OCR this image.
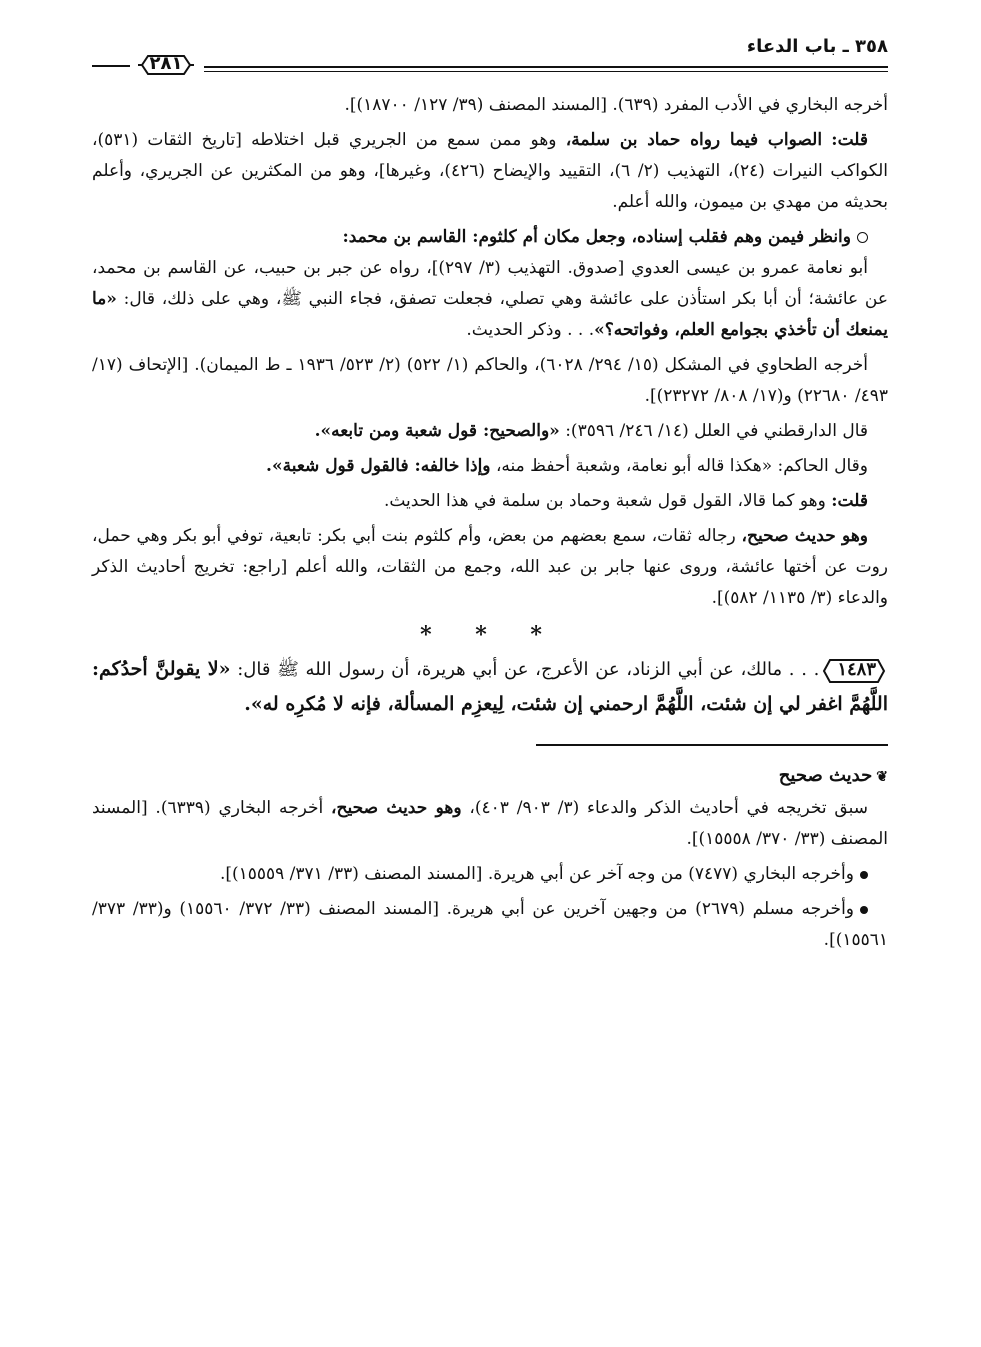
٣٥٨ ـ باب الدعاء
٢٨١

أخرجه البخاري في الأدب المفرد (٦٣٩). [المسند المصنف (٣٩/ ١٢٧/ ١٨٧٠٠)].

قلت: الصواب فيما رواه حماد بن سلمة، وهو ممن سمع من الجريري قبل اختلاطه [تاريخ الثقات (٥٣١)، الكواكب النيرات (٢٤)، التهذيب (٢/ ٦)، التقييد والإيضاح (٤٢٦)، وغيرها]، وهو من المكثرين عن الجريري، وأعلم بحديثه من مهدي بن ميمون، والله أعلم.

وانظر فيمن وهم فقلب إسناده، وجعل مكان أم كلثوم: القاسم بن محمد:

أبو نعامة عمرو بن عيسى العدوي [صدوق. التهذيب (٣/ ٢٩٧)]، رواه عن جبر بن حبيب، عن القاسم بن محمد، عن عائشة؛ أن أبا بكر استأذن على عائشة وهي تصلي، فجعلت تصفق، فجاء النبي ﷺ، وهي على ذلك، قال: «ما يمنعك أن تأخذي بجوامع العلم، وفواتحه؟». . . وذكر الحديث.

أخرجه الطحاوي في المشكل (١٥/ ٢٩٤/ ٦٠٢٨)، والحاكم (١/ ٥٢٢) (٢/ ٥٢٣/ ١٩٣٦ ـ ط الميمان). [الإتحاف (١٧/ ٤٩٣/ ٢٢٦٨٠) و(١٧/ ٨٠٨/ ٢٣٢٧٢)].

قال الدارقطني في العلل (١٤/ ٢٤٦/ ٣٥٩٦): «والصحيح: قول شعبة ومن تابعه».

وقال الحاكم: «هكذا قاله أبو نعامة، وشعبة أحفظ منه، وإذا خالفه: فالقول قول شعبة».

قلت: وهو كما قالا، القول قول شعبة وحماد بن سلمة في هذا الحديث.

وهو حديث صحيح، رجاله ثقات، سمع بعضهم من بعض، وأم كلثوم بنت أبي بكر: تابعية، توفي أبو بكر وهي حمل، روت عن أختها عائشة، وروى عنها جابر بن عبد الله، وجمع من الثقات، والله أعلم [راجع: تخريج أحاديث الذكر والدعاء (٣/ ١١٣٥/ ٥٨٢)].

* * *

١٤٨٣. . . مالك، عن أبي الزناد، عن الأعرج، عن أبي هريرة، أن رسول الله ﷺ قال: «لا يقولنَّ أحدُكم: اللَّهُمَّ اغفر لي إن شئت، اللَّهُمَّ ارحمني إن شئت، لِيعزِم المسألة، فإنه لا مُكرِه له».

❦حديث صحيح

سبق تخريجه في أحاديث الذكر والدعاء (٣/ ٩٠٣/ ٤٠٣)، وهو حديث صحيح، أخرجه البخاري (٦٣٣٩). [المسند المصنف (٣٣/ ٣٧٠/ ١٥٥٥٨)].

وأخرجه البخاري (٧٤٧٧) من وجه آخر عن أبي هريرة. [المسند المصنف (٣٣/ ٣٧١/ ١٥٥٥٩)].

وأخرجه مسلم (٢٦٧٩) من وجهين آخرين عن أبي هريرة. [المسند المصنف (٣٣/ ٣٧٢/ ١٥٥٦٠) و(٣٣/ ٣٧٣/ ١٥٥٦١)].
